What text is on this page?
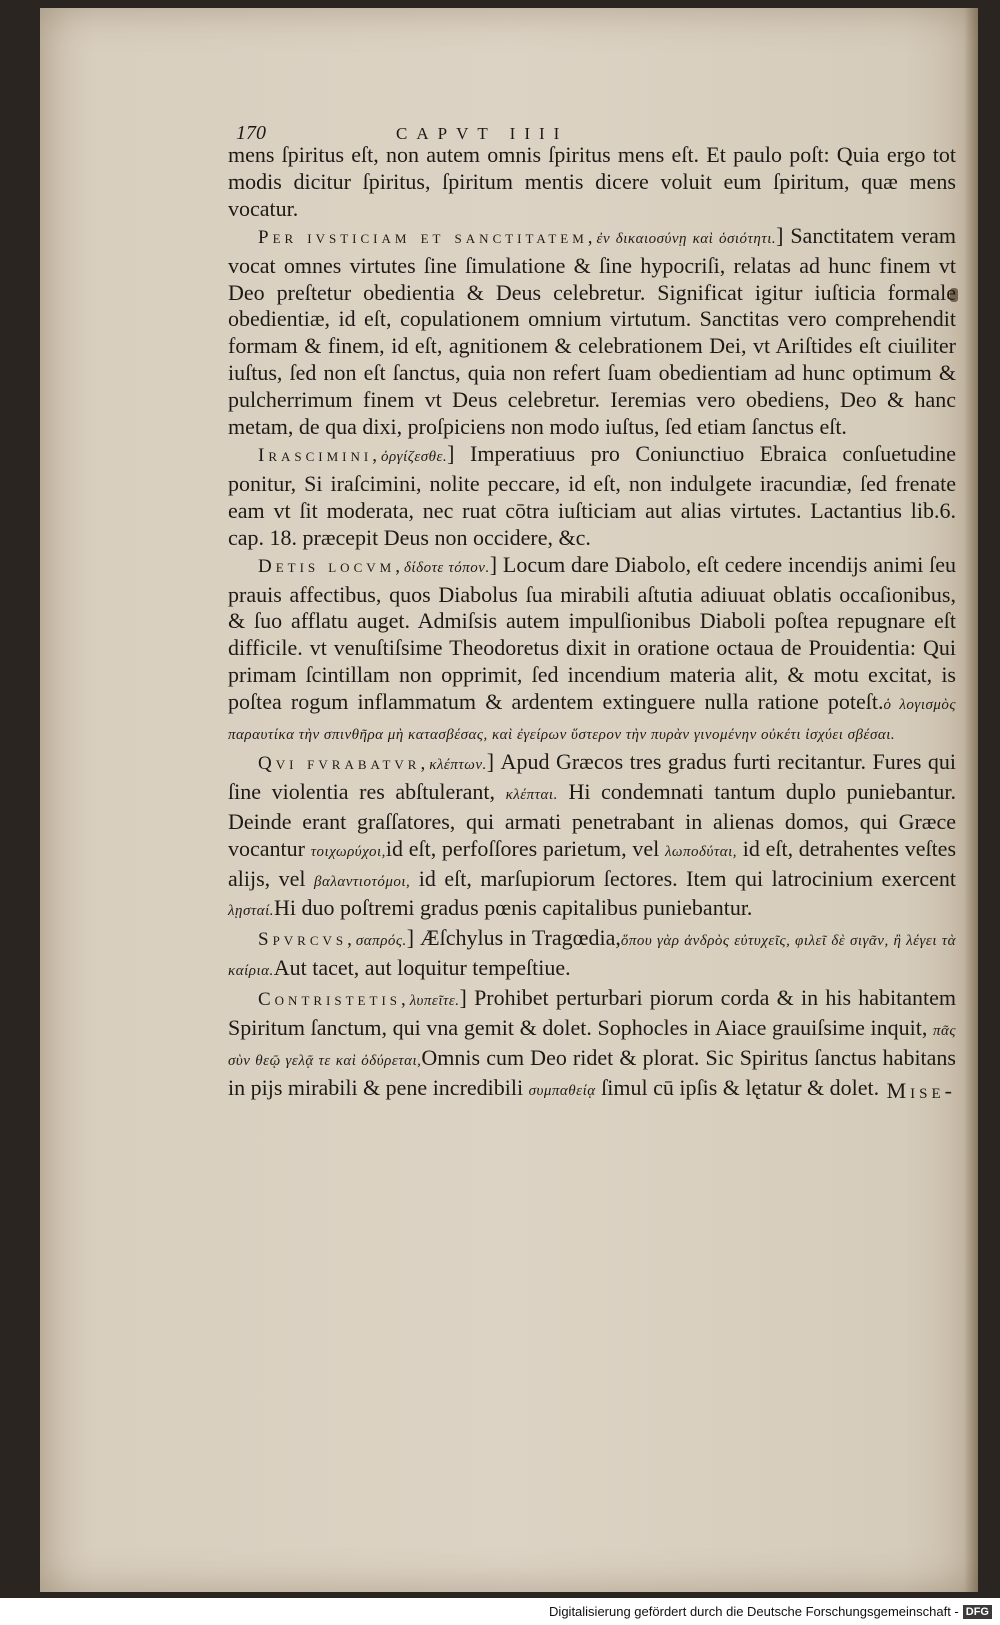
170	CAPVT IIII

mens ſpiritus eſt, non autem omnis ſpiritus mens eſt. Et paulo poſt: Quia ergo tot modis dicitur ſpiritus, ſpiritum mentis dicere voluit eum ſpiritum, quæ mens vocatur.

Per ivsticiam et sanctitatem,ἐν δικαιοσύνῃ καὶ ὁσιότητι.] Sanctitatem veram vocat omnes virtutes ſine ſimulatione & ſine hypocriſi, relatas ad hunc finem vt Deo preſtetur obedientia & Deus celebretur. Significat igitur iuſticia formale obedientiæ, id eſt, copulationem omnium virtutum. Sanctitas vero comprehendit formam & finem, id eſt, agnitionem & celebrationem Dei, vt Ariſtides eſt ciuiliter iuſtus, ſed non eſt ſanctus, quia non refert ſuam obedientiam ad hunc optimum & pulcherrimum finem vt Deus celebretur. Ieremias vero obediens, Deo & hanc metam, de qua dixi, proſpiciens non modo iuſtus, ſed etiam ſanctus eſt.

Irascimini,ὀργίζεσθε.] Imperatiuus pro Coniunctiuo Ebraica conſuetudine ponitur, Si iraſcimini, nolite peccare, id eſt, non indulgete iracundiæ, ſed frenate eam vt ſit moderata, nec ruat cōtra iuſticiam aut alias virtutes. Lactantius lib.6. cap. 18. præcepit Deus non occidere, &c.

Detis locvm,δίδοτε τόπον.] Locum dare Diabolo, eſt cedere incendijs animi ſeu prauis affectibus, quos Diabolus ſua mirabili aſtutia adiuuat oblatis occaſionibus, & ſuo afflatu auget. Admiſsis autem impulſionibus Diaboli poſtea repugnare eſt difficile. vt venuſtiſsime Theodoretus dixit in oratione octaua de Prouidentia: Qui primam ſcintillam non opprimit, ſed incendium materia alit, & motu excitat, is poſtea rogum inflammatum & ardentem extinguere nulla ratione poteſt.ὁ λογισμὸς παραυτίκα τὴν σπινθῆρα μὴ κατασβέσας, καὶ ἐγείρων ὕστερον τὴν πυρὰν γινομένην οὐκέτι ἰσχύει σβέσαι.

Qvi fvrabatvr,κλέπτων.] Apud Græcos tres gradus furti recitantur. Fures qui ſine violentia res abſtulerant, κλέπται. Hi condemnati tantum duplo puniebantur. Deinde erant graſſatores, qui armati penetrabant in alienas domos, qui Græce vocantur τοιχωρύχοι,id eſt, perfoſſores parietum, vel λωποδύται, id eſt, detrahentes veſtes alijs, vel βαλαντιοτόμοι, id eſt, marſupiorum ſectores. Item qui latrocinium exercent λῃσταί.Hi duo poſtremi gradus pœnis capitalibus puniebantur.

Spvrcvs,σαπρός.] Æſchylus in Tragœdia,ὅπου γὰρ ἀνδρὸς εὐτυχεῖς, φιλεῖ δὲ σιγᾶν, ἢ λέγει τὰ καίρια.Aut tacet, aut loquitur tempeſtiue.

Contristetis,λυπεῖτε.] Prohibet perturbari piorum corda & in his habitantem Spiritum ſanctum, qui vna gemit & dolet. Sophocles in Aiace grauiſsime inquit, πᾶς σὺν θεῷ γελᾷ τε καὶ ὀδύρεται,Omnis cum Deo ridet & plorat. Sic Spiritus ſanctus habitans in pijs mirabili & pene incredibili συμπαθείᾳ ſimul cū ipſis & lętatur & dolet. Mise-
Digitalisierung gefördert durch die Deutsche Forschungsgemeinschaft - DFG
